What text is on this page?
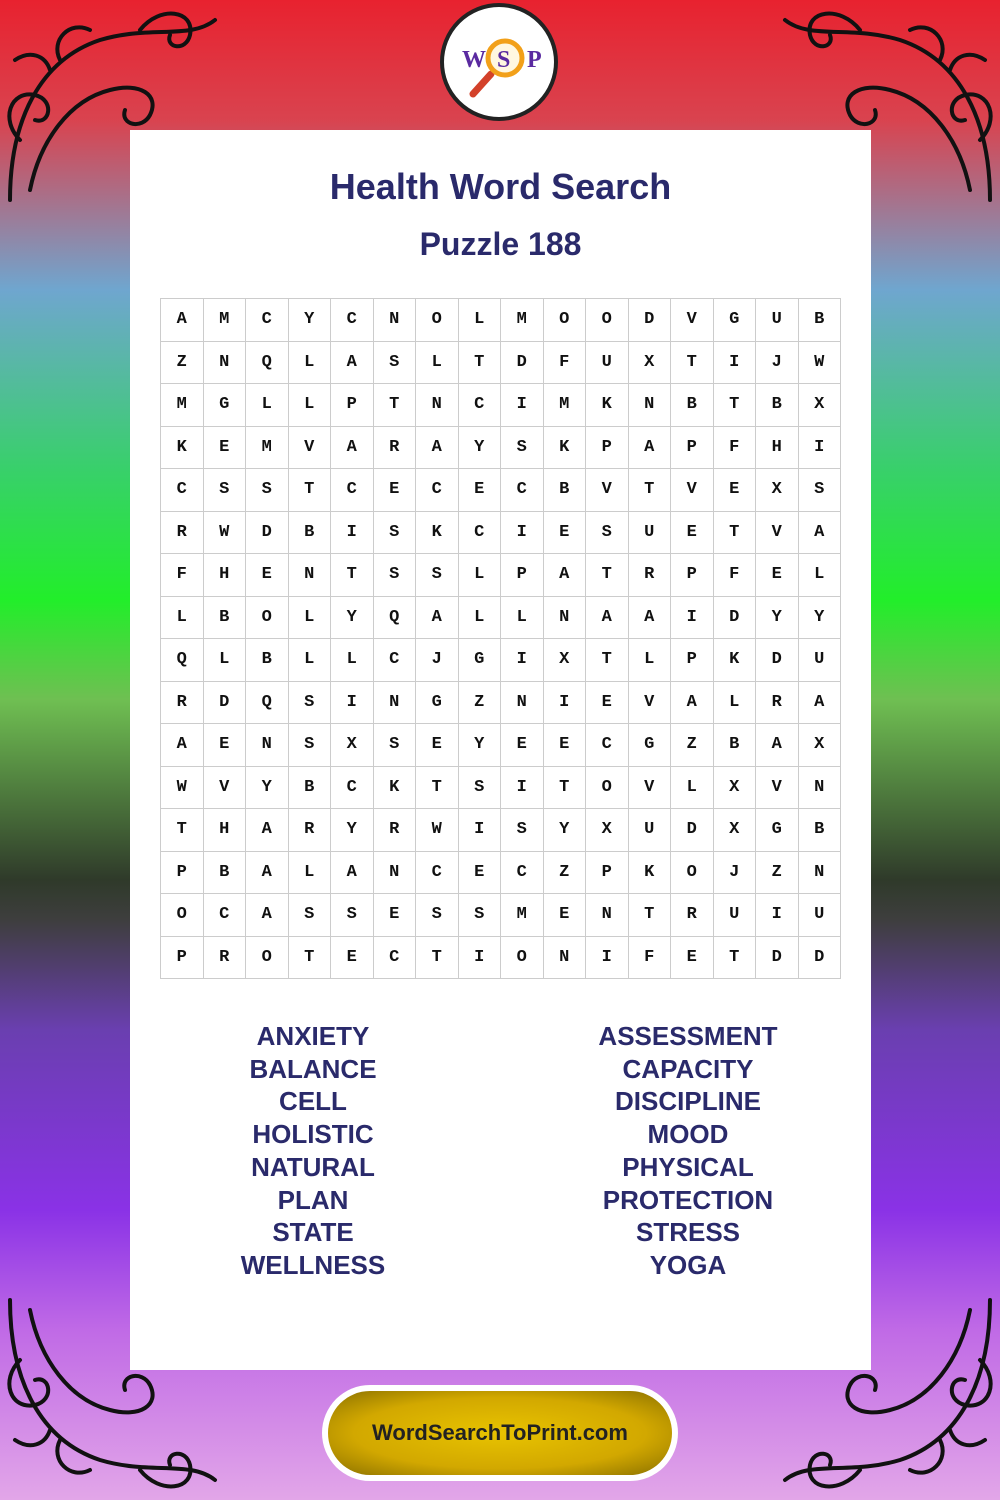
W S P
Health Word Search
Puzzle 188
A	M	C	Y	C	N	O	L	M	O	O	D	V	G	U	B
Z	N	Q	L	A	S	L	T	D	F	U	X	T	I	J	W
M	G	L	L	P	T	N	C	I	M	K	N	B	T	B	X
K	E	M	V	A	R	A	Y	S	K	P	A	P	F	H	I
C	S	S	T	C	E	C	E	C	B	V	T	V	E	X	S
R	W	D	B	I	S	K	C	I	E	S	U	E	T	V	A
F	H	E	N	T	S	S	L	P	A	T	R	P	F	E	L
L	B	O	L	Y	Q	A	L	L	N	A	A	I	D	Y	Y
Q	L	B	L	L	C	J	G	I	X	T	L	P	K	D	U
R	D	Q	S	I	N	G	Z	N	I	E	V	A	L	R	A
A	E	N	S	X	S	E	Y	E	E	C	G	Z	B	A	X
W	V	Y	B	C	K	T	S	I	T	O	V	L	X	V	N
T	H	A	R	Y	R	W	I	S	Y	X	U	D	X	G	B
P	B	A	L	A	N	C	E	C	Z	P	K	O	J	Z	N
O	C	A	S	S	E	S	S	M	E	N	T	R	U	I	U
P	R	O	T	E	C	T	I	O	N	I	F	E	T	D	D
ANXIETY
BALANCE
CELL
HOLISTIC
NATURAL
PLAN
STATE
WELLNESS
ASSESSMENT
CAPACITY
DISCIPLINE
MOOD
PHYSICAL
PROTECTION
STRESS
YOGA
WordSearchToPrint.com
